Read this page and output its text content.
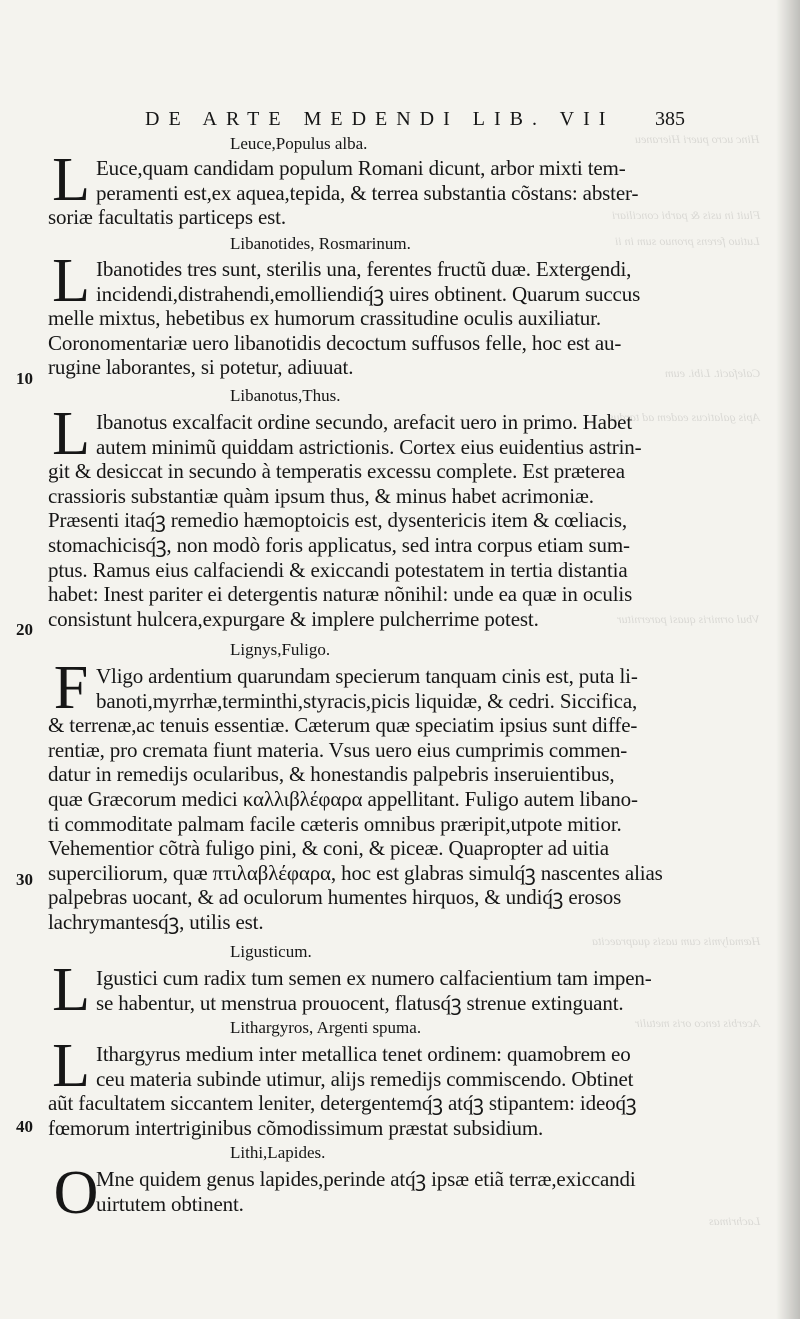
Hinc ucro pueri Hieraneu
Fluit in usis & parbi conciliari
Lutiuo ferens pronuo sum in ii
Calefacit. Libi. eum
Apis galaticus eadem ad tardus
Vbul ormiris quasi parernitur
Hæmalymis cum uasis quapraecita
Acerbis tenco oris metulir
Lachrimas
DE ARTE MEDENDI LIB. VII 385
Leuce,Populus alba.
L Euce,quam candidam populum Romani dicunt, arbor mixti tem-
peramenti est,ex aquea,tepida, & terrea substantia cõstans: abster-
soriæ facultatis particeps est.
Libanotides, Rosmarinum.
L Ibanotides tres sunt, sterilis una, ferentes fructũ duæ. Extergendi,
incidendi,distrahendi,emolliendiq́ꝫ uires obtinent. Quarum succus
melle mixtus, hebetibus ex humorum crassitudine oculis auxiliatur.
Coronomentariæ uero libanotidis decoctum suffusos felle, hoc est au-
rugine laborantes, si potetur, adiuuat.
10
Libanotus,Thus.
L Ibanotus excalfacit ordine secundo, arefacit uero in primo. Habet
autem minimũ quiddam astrictionis. Cortex eius euidentius astrin-
git & desiccat in secundo à temperatis excessu complete. Est præterea
crassioris substantiæ quàm ipsum thus, & minus habet acrimoniæ.
Præsenti itaq́ꝫ remedio hæmoptoicis est, dysentericis item & cœliacis,
stomachicisq́ꝫ, non modò foris applicatus, sed intra corpus etiam sum-
ptus. Ramus eius calfaciendi & exiccandi potestatem in tertia distantia
habet: Inest pariter ei detergentis naturæ nõnihil: unde ea quæ in oculis
consistunt hulcera,expurgare & implere pulcherrime potest.
20
Lignys,Fuligo.
F Vligo ardentium quarundam specierum tanquam cinis est, puta li-
banoti,myrrhæ,terminthi,styracis,picis liquidæ, & cedri. Siccifica,
& terrenæ,ac tenuis essentiæ. Cæterum quæ speciatim ipsius sunt diffe-
rentiæ, pro cremata fiunt materia. Vsus uero eius cumprimis commen-
datur in remedijs ocularibus, & honestandis palpebris inseruientibus,
quæ Græcorum medici καλλιβλέφαρα appellitant. Fuligo autem libano-
ti commoditate palmam facile cæteris omnibus præripit,utpote mitior.
Vehementior cõtrà fuligo pini, & coni, & piceæ. Quapropter ad uitia
superciliorum, quæ πτιλαβλέφαρα, hoc est glabras simulq́ꝫ nascentes alias
palpebras uocant, & ad oculorum humentes hirquos, & undiq́ꝫ erosos
lachrymantesq́ꝫ, utilis est.
30
Ligusticum.
L Igustici cum radix tum semen ex numero calfacientium tam impen-
se habentur, ut menstrua prouocent, flatusq́ꝫ strenue extinguant.
Lithargyros, Argenti spuma.
L Ithargyrus medium inter metallica tenet ordinem: quamobrem eo
ceu materia subinde utimur, alijs remedijs commiscendo. Obtinet
aũt facultatem siccantem leniter, detergentemq́ꝫ atq́ꝫ stipantem: ideoq́ꝫ
fœmorum intertriginibus cõmodissimum præstat subsidium.
40
Lithi,Lapides.
O
Mne quidem genus lapides,perinde atq́ꝫ ipsæ etiã terræ,exiccandi
uirtutem obtinent.
